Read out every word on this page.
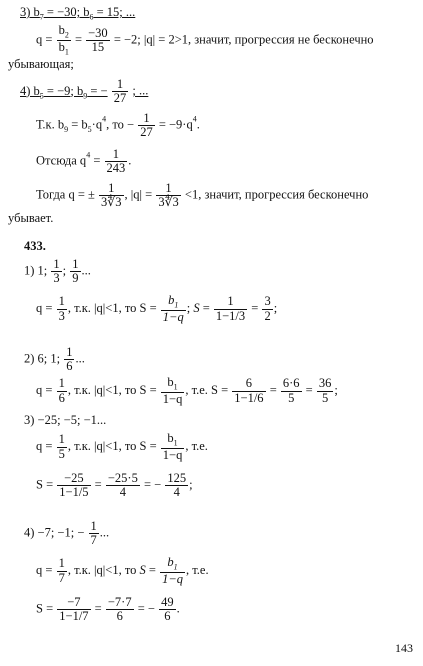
3) $b_7 = -30$; $b_6 = 15$; ...
$q = \frac{b_2}{b_1} = \frac{-30}{15} = -2$; |q| = 2>1, значит, прогрессия не бесконечно
убывающая;
4) $b_5 = -9$; $b_9$ = − $\frac{1}{27}$ ; ...
Т.к. $b_9 = b_5\cdot q^4$, то − $\frac{1}{27} = -9\cdot q^4$.
Отсюда $q^4 = \frac{1}{243}$ .
Тогда q = ± $\frac{1}{3∜3}$ , $|q| = \frac{1}{3∜3} <1$, значит, прогрессия бесконечно
убывает.
433.
1) 1; $\frac{1}{3}$ ; $\frac{1}{9}$ ...
$q = \frac{1}{3}$ , т.к. |q|<1, то $S = \frac{b_1}{1-q}$ ; $S = \frac{1}{1-1/3} = \frac{3}{2}$ ;
2) 6; 1; $\frac{1}{6}$ ...
$q = \frac{1}{6}$ , т.к. |q|<1, то $S = \frac{b_1}{1-q}$ , т.е. $S = \frac{6}{1-1/6} = \frac{6\cdot 6}{5} = \frac{36}{5}$ ;
3) −25; −5; −1...
$q = \frac{1}{5}$ , т.к. |q|<1, то $S = \frac{b_1}{1-q}$ , т.е.
$S = \frac{-25}{1-1/5} = \frac{-25\cdot 5}{4}$ = − $\frac{125}{4}$ ;
4) −7; −1; − $\frac{1}{7}$ ...
$q = \frac{1}{7}$ , т.к. |q|<1, то $S = \frac{b_1}{1-q}$ , т.е.
$S = \frac{-7}{1-1/7} = \frac{-7\cdot 7}{6}$ = − $\frac{49}{6}$ .
143
